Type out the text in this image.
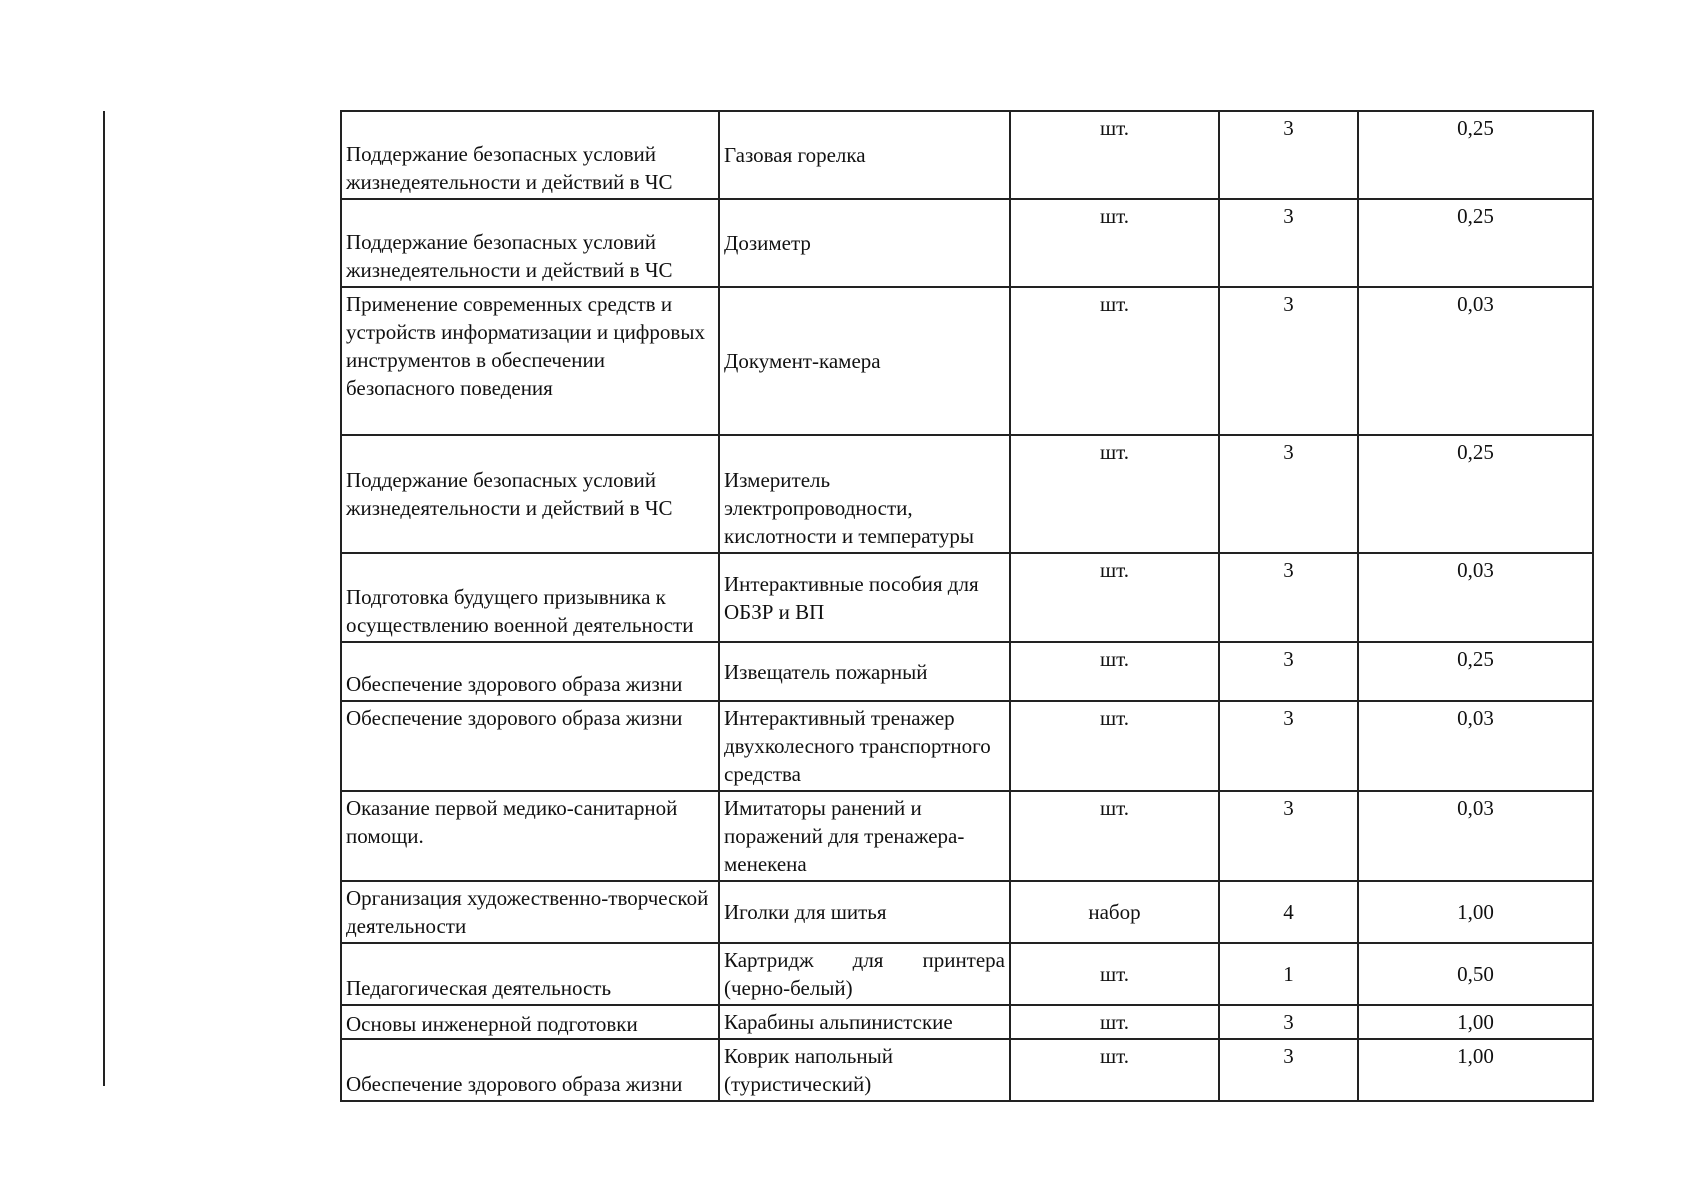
Поддержание безопасных условий жизнедеятельности и действий в ЧС	Газовая горелка	шт.	3	0,25
Поддержание безопасных условий жизнедеятельности и действий в ЧС	Дозиметр	шт.	3	0,25
Применение современных средств и устройств информатизации и цифровых инструментов в обеспечении безопасного поведения	Документ-камера	шт.	3	0,03
Поддержание безопасных условий жизнедеятельности и действий в ЧС	Измеритель электропроводности, кислотности и температуры	шт.	3	0,25
Подготовка будущего призывника к осуществлению военной деятельности	Интерактивные пособия для ОБЗР и ВП	шт.	3	0,03
Обеспечение здорового образа жизни	Извещатель пожарный	шт.	3	0,25
Обеспечение здорового образа жизни	Интерактивный тренажер двухколесного транспортного средства	шт.	3	0,03
Оказание первой медико-санитарной помощи.	Имитаторы ранений и поражений для тренажера-менекена	шт.	3	0,03
Организация художественно-творческой деятельности	Иголки для шитья	набор	4	1,00
Педагогическая деятельность	Картридж для принтера (черно-белый)	шт.	1	0,50
Основы инженерной подготовки	Карабины альпинистские	шт.	3	1,00
Обеспечение здорового образа жизни	Коврик напольный (туристический)	шт.	3	1,00
